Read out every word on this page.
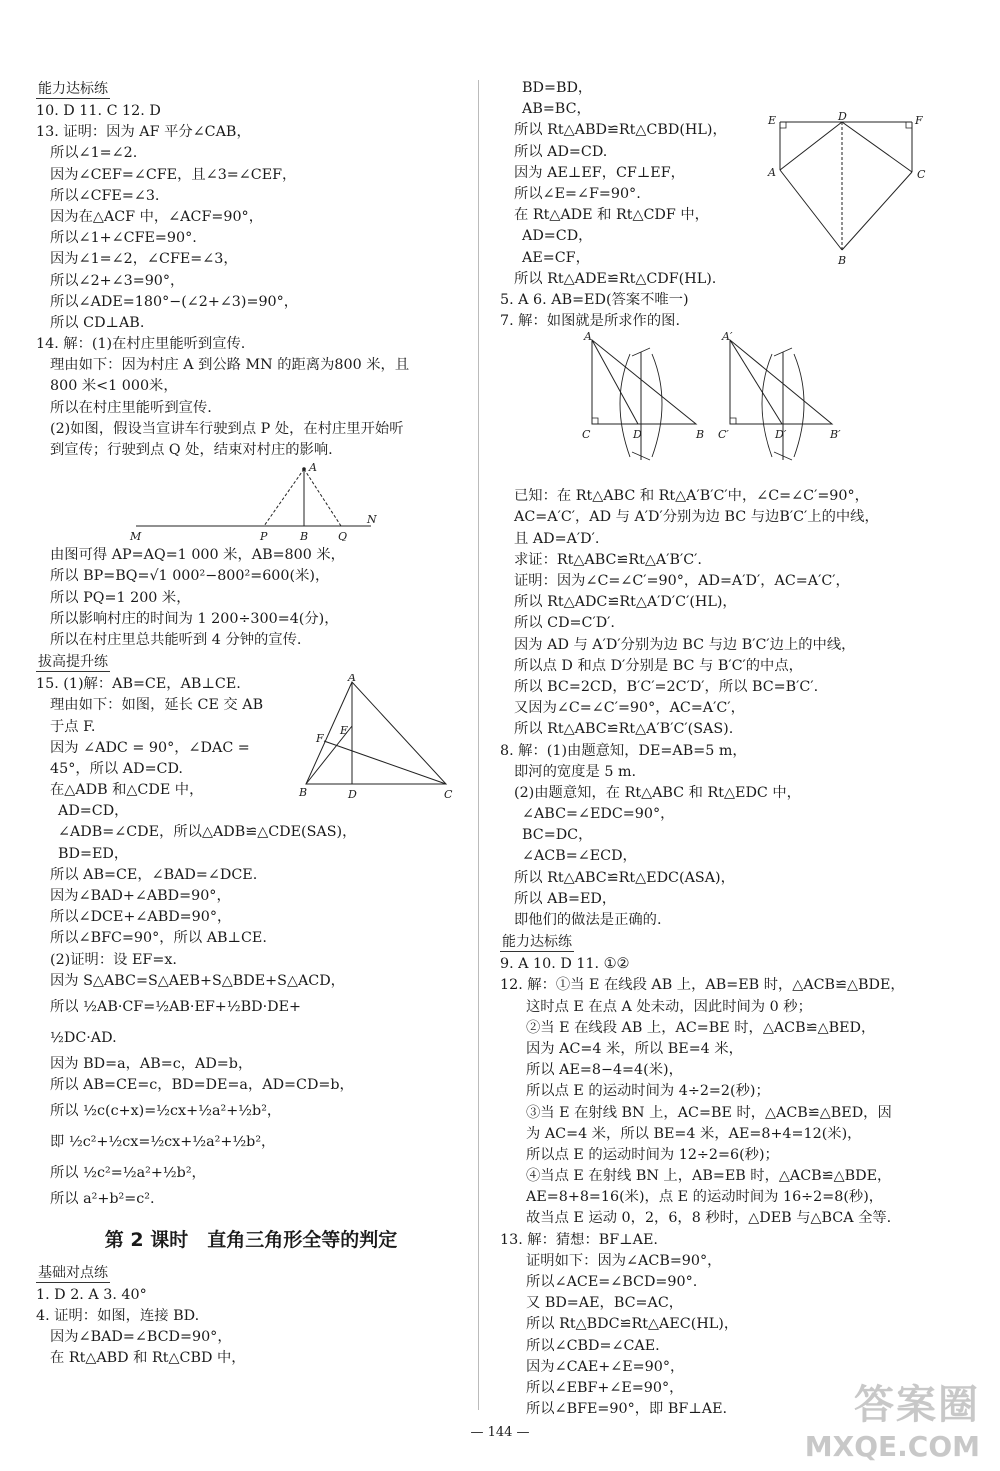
能力达标练
10. D 11. C 12. D
13. 证明：因为 AF 平分∠CAB，
所以∠1=∠2.
因为∠CEF=∠CFE，且∠3=∠CEF，
所以∠CFE=∠3.
因为在△ACF 中，∠ACF=90°，
所以∠1+∠CFE=90°.
因为∠1=∠2，∠CFE=∠3，
所以∠2+∠3=90°，
所以∠ADE=180°−(∠2+∠3)=90°，
所以 CD⊥AB.
14. 解：(1)在村庄里能听到宣传.
理由如下：因为村庄 A 到公路 MN 的距离为800 米，且
800 米<1 000米，
所以在村庄里能听到宣传.
(2)如图，假设当宣讲车行驶到点 P 处，在村庄里开始听
到宣传；行驶到点 Q 处，结束对村庄的影响.
A
M	P	B	Q
N
由图可得 AP=AQ=1 000 米，AB=800 米，
所以 BP=BQ=√1 000²−800²=600(米)，
所以 PQ=1 200 米，
所以影响村庄的时间为 1 200÷300=4(分)，
所以在村庄里总共能听到 4 分钟的宣传.
拔高提升练
15. (1)解：AB=CE，AB⊥CE.
理由如下：如图，延长 CE 交 AB
于点 F.
因为 ∠ADC = 90°，∠DAC =
45°，所以 AD=CD.
在△ADB 和△CDE 中，
AD=CD，
∠ADB=∠CDE，所以△ADB≌△CDE(SAS)，
BD=ED，
所以 AB=CE，∠BAD=∠DCE.
因为∠BAD+∠ABD=90°，
所以∠DCE+∠ABD=90°，
所以∠BFC=90°，所以 AB⊥CE.
(2)证明：设 EF=x.
因为 S△ABC=S△AEB+S△BDE+S△ACD，
所以 ½AB·CF=½AB·EF+½BD·DE+
½DC·AD.
因为 BD=a，AB=c，AD=b，
所以 AB=CE=c，BD=DE=a，AD=CD=b，
所以 ½c(c+x)=½cx+½a²+½b²，
即 ½c²+½cx=½cx+½a²+½b²，
所以 ½c²=½a²+½b²，
所以 a²+b²=c².
A
F
E
B	D	C
第 2 课时　直角三角形全等的判定
基础对点练
1. D 2. A 3. 40°
4. 证明：如图，连接 BD.
因为∠BAD=∠BCD=90°，
在 Rt△ABD 和 Rt△CBD 中，
BD=BD，
AB=BC，
所以 Rt△ABD≌Rt△CBD(HL)，
所以 AD=CD.
因为 AE⊥EF，CF⊥EF，
所以∠E=∠F=90°.
在 Rt△ADE 和 Rt△CDF 中，
AD=CD，
AE=CF，
所以 Rt△ADE≌Rt△CDF(HL).
5. A 6. AB=ED(答案不唯一)
7. 解：如图就是所求作的图.
E	D	F
A	C
B
A
C	D	B
A′
C′	D′	B′
已知：在 Rt△ABC 和 Rt△A′B′C′中，∠C=∠C′=90°，
AC=A′C′，AD 与 A′D′分别为边 BC 与边B′C′上的中线，
且 AD=A′D′.
求证：Rt△ABC≌Rt△A′B′C′.
证明：因为∠C=∠C′=90°，AD=A′D′，AC=A′C′，
所以 Rt△ADC≌Rt△A′D′C′(HL)，
所以 CD=C′D′.
因为 AD 与 A′D′分别为边 BC 与边 B′C′边上的中线，
所以点 D 和点 D′分别是 BC 与 B′C′的中点，
所以 BC=2CD，B′C′=2C′D′，所以 BC=B′C′.
又因为∠C=∠C′=90°，AC=A′C′，
所以 Rt△ABC≌Rt△A′B′C′(SAS).
8. 解：(1)由题意知，DE=AB=5 m，
即河的宽度是 5 m.
(2)由题意知，在 Rt△ABC 和 Rt△EDC 中，
∠ABC=∠EDC=90°，
BC=DC，
∠ACB=∠ECD，
所以 Rt△ABC≌Rt△EDC(ASA)，
所以 AB=ED，
即他们的做法是正确的.
能力达标练
9. A 10. D 11. ①②
12. 解：①当 E 在线段 AB 上，AB=EB 时，△ACB≌△BDE，
这时点 E 在点 A 处未动，因此时间为 0 秒；
②当 E 在线段 AB 上，AC=BE 时，△ACB≌△BED，
因为 AC=4 米，所以 BE=4 米，
所以 AE=8−4=4(米)，
所以点 E 的运动时间为 4÷2=2(秒)；
③当 E 在射线 BN 上，AC=BE 时，△ACB≌△BED，因
为 AC=4 米，所以 BE=4 米，AE=8+4=12(米)，
所以点 E 的运动时间为 12÷2=6(秒)；
④当点 E 在射线 BN 上，AB=EB 时，△ACB≌△BDE，
AE=8+8=16(米)，点 E 的运动时间为 16÷2=8(秒)，
故当点 E 运动 0，2，6，8 秒时，△DEB 与△BCA 全等.
13. 解：猜想：BF⊥AE.
证明如下：因为∠ACB=90°，
所以∠ACE=∠BCD=90°.
又 BD=AE，BC=AC，
所以 Rt△BDC≌Rt△AEC(HL)，
所以∠CBD=∠CAE.
因为∠CAE+∠E=90°，
所以∠EBF+∠E=90°，
所以∠BFE=90°，即 BF⊥AE.
— 144 —
答案圈
MXQE.COM
